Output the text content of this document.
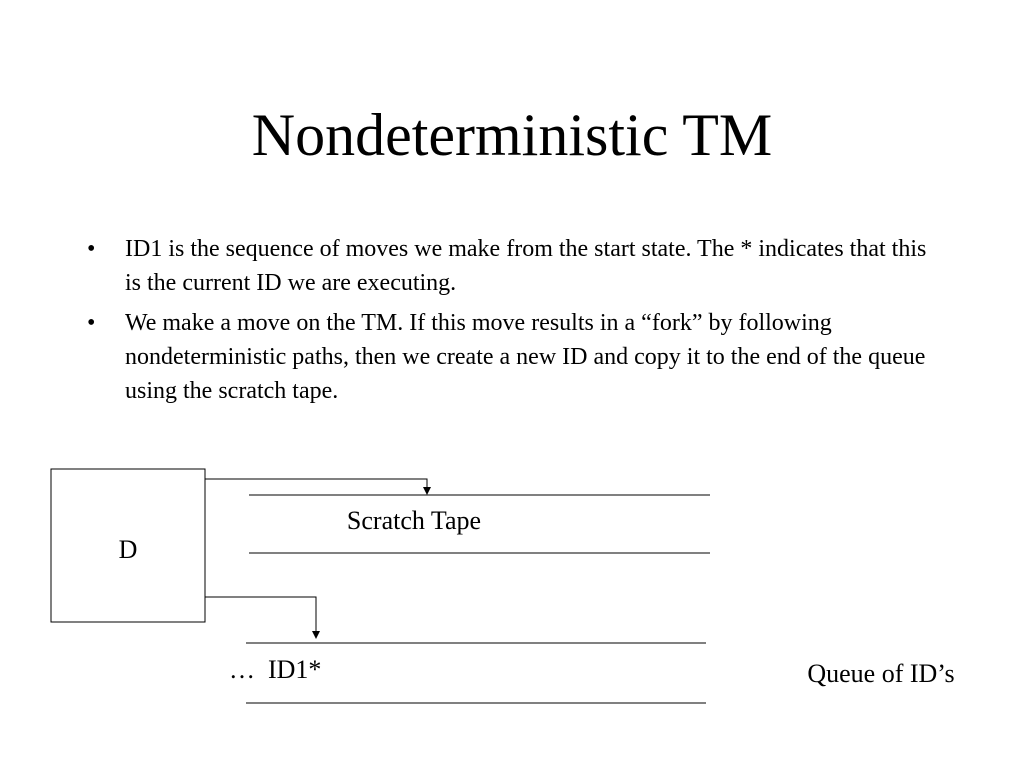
Nondeterministic TM
• ID1 is the sequence of moves we make from the start state. The * indicates that this is the current ID we are executing.
• We make a move on the TM. If this move results in a “fork” by following nondeterministic paths, then we create a new ID and copy it to the end of the queue using the scratch tape.
D
Scratch Tape
…  ID1*	Queue of ID’s
